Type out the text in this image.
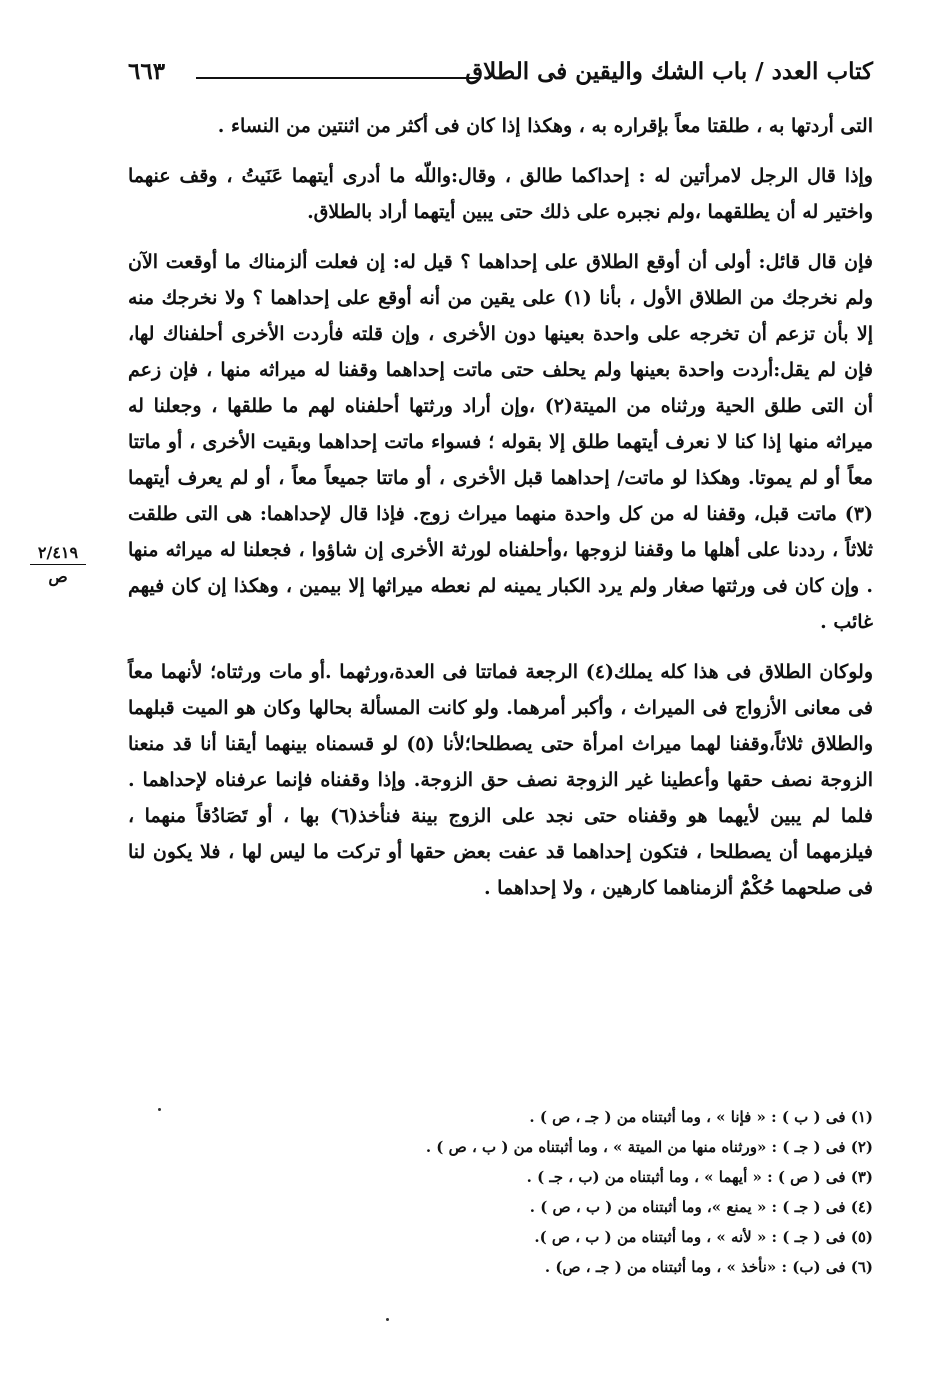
كتاب العدد / باب الشك واليقين فى الطلاق
٦٦٣

التى أردتها به ، طلقتا معاً بإقراره به ، وهكذا إذا كان فى أكثر من اثنتين من النساء .

وإذا قال الرجل لامرأتين له : إحداكما طالق ، وقال:واللّه ما أدرى أيتهما عَنَيتُ ، وقف عنهما واختير له أن يطلقهما ،ولم نجبره على ذلك حتى يبين أيتهما أراد بالطلاق.

فإن قال قائل: أولى أن أوقع الطلاق على إحداهما ؟ قيل له: إن فعلت ألزمناك ما أوقعت الآن ولم نخرجك من الطلاق الأول ، بأنا (١) على يقين من أنه أوقع على إحداهما ؟ ولا نخرجك منه إلا بأن تزعم أن تخرجه على واحدة بعينها دون الأخرى ، وإن قلته فأردت الأخرى أحلفناك لها، فإن لم يقل:أردت واحدة بعينها ولم يحلف حتى ماتت إحداهما وقفنا له ميراثه منها ، فإن زعم أن التى طلق الحية ورثناه من الميتة(٢) ،وإن أراد ورثتها أحلفناه لهم ما طلقها ، وجعلنا له ميراثه منها إذا كنا لا نعرف أيتهما طلق إلا بقوله ؛ فسواء ماتت إحداهما وبقيت الأخرى ، أو ماتتا معاً أو لم يموتا. وهكذا لو ماتت/ إحداهما قبل الأخرى ، أو ماتتا جميعاً معاً ، أو لم يعرف أيتهما (٣) ماتت قبل، وقفنا له من كل واحدة منهما ميراث زوج. فإذا قال لإحداهما: هى التى طلقت ثلاثاً ، رددنا على أهلها ما وقفنا لزوجها ،وأحلفناه لورثة الأخرى إن شاؤوا ، فجعلنا له ميراثه منها . وإن كان فى ورثتها صغار ولم يرد الكبار يمينه لم نعطه ميراثها إلا بيمين ، وهكذا إن كان فيهم غائب .

ولوكان الطلاق فى هذا كله يملك(٤) الرجعة فماتتا فى العدة،ورثهما .أو مات ورثتاه؛ لأنهما معاً فى معانى الأزواج فى الميراث ، وأكبر أمرهما. ولو كانت المسألة بحالها وكان هو الميت قبلهما والطلاق ثلاثاً،وقفنا لهما ميراث امرأة حتى يصطلحا؛لأنا (٥) لو قسمناه بينهما أيقنا أنا قد منعنا الزوجة نصف حقها وأعطينا غير الزوجة نصف حق الزوجة. وإذا وقفناه فإنما عرفناه لإحداهما . فلما لم يبين لأيهما هو وقفناه حتى نجد على الزوج بينة فنأخذ(٦) بها ، أو تَصَادُقاً منهما ، فيلزمهما أن يصطلحا ، فتكون إحداهما قد عفت بعض حقها أو تركت ما ليس لها ، فلا يكون لنا فى صلحهما حُكْمٌ ألزمناهما كارهين ، ولا إحداهما .

٢/٤١٩
ص

(١) فى ( ب ) : « فإنا » ، وما أثبتناه من ( جـ ، ص ) .

(٢) فى ( جـ ) : «ورثناه منها من الميتة » ، وما أثبتناه من ( ب ، ص ) .

(٣) فى ( ص ) : « أيهما » ، وما أثبتناه من (ب ، جـ ) .

(٤) فى ( جـ ) : « يمنع »، وما أثبتناه من ( ب ، ص ) .

(٥) فى ( جـ ) : « لأنه » ، وما أثبتناه من ( ب ، ص ).

(٦) فى (ب) : «نأخذ » ، وما أثبتناه من ( جـ ، ص) .
